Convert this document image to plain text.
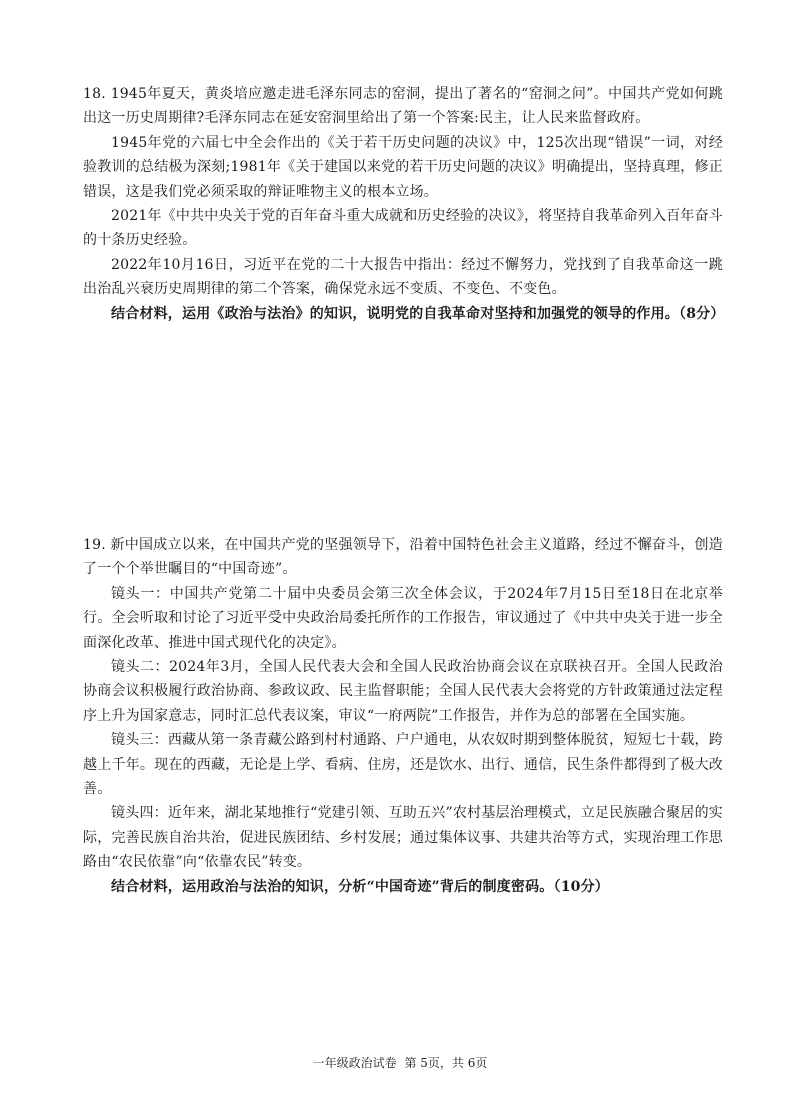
18. 1945年夏天，黄炎培应邀走进毛泽东同志的窑洞，提出了著名的“窑洞之问”。中国共产党如何跳出这一历史周期律?毛泽东同志在延安窑洞里给出了第一个答案:民主，让人民来监督政府。

1945年党的六届七中全会作出的《关于若干历史问题的决议》中，125次出现“错误”一词，对经验教训的总结极为深刻;1981年《关于建国以来党的若干历史问题的决议》明确提出，坚持真理，修正错误，这是我们党必须采取的辩证唯物主义的根本立场。

2021年《中共中央关于党的百年奋斗重大成就和历史经验的决议》，将坚持自我革命列入百年奋斗的十条历史经验。

2022年10月16日，习近平在党的二十大报告中指出：经过不懈努力，党找到了自我革命这一跳出治乱兴衰历史周期律的第二个答案，确保党永远不变质、不变色、不变色。

结合材料，运用《政治与法治》的知识，说明党的自我革命对坚持和加强党的领导的作用。（8分）

19. 新中国成立以来，在中国共产党的坚强领导下，沿着中国特色社会主义道路，经过不懈奋斗，创造了一个个举世瞩目的“中国奇迹”。

镜头一：中国共产党第二十届中央委员会第三次全体会议，于2024年7月15日至18日在北京举行。全会听取和讨论了习近平受中央政治局委托所作的工作报告，审议通过了《中共中央关于进一步全面深化改革、推进中国式现代化的决定》。

镜头二：2024年3月，全国人民代表大会和全国人民政治协商会议在京联袂召开。全国人民政治协商会议积极履行政治协商、参政议政、民主监督职能；全国人民代表大会将党的方针政策通过法定程序上升为国家意志，同时汇总代表议案，审议“一府两院”工作报告，并作为总的部署在全国实施。

镜头三：西藏从第一条青藏公路到村村通路、户户通电，从农奴时期到整体脱贫，短短七十载，跨越上千年。现在的西藏，无论是上学、看病、住房，还是饮水、出行、通信，民生条件都得到了极大改善。

镜头四：近年来，湖北某地推行“党建引领、互助五兴”农村基层治理模式，立足民族融合聚居的实际，完善民族自治共治，促进民族团结、乡村发展；通过集体议事、共建共治等方式，实现治理工作思路由“农民依靠”向“依靠农民”转变。

结合材料，运用政治与法治的知识，分析“中国奇迹”背后的制度密码。（10分）

一年级政治试卷 第 5页，共 6页
